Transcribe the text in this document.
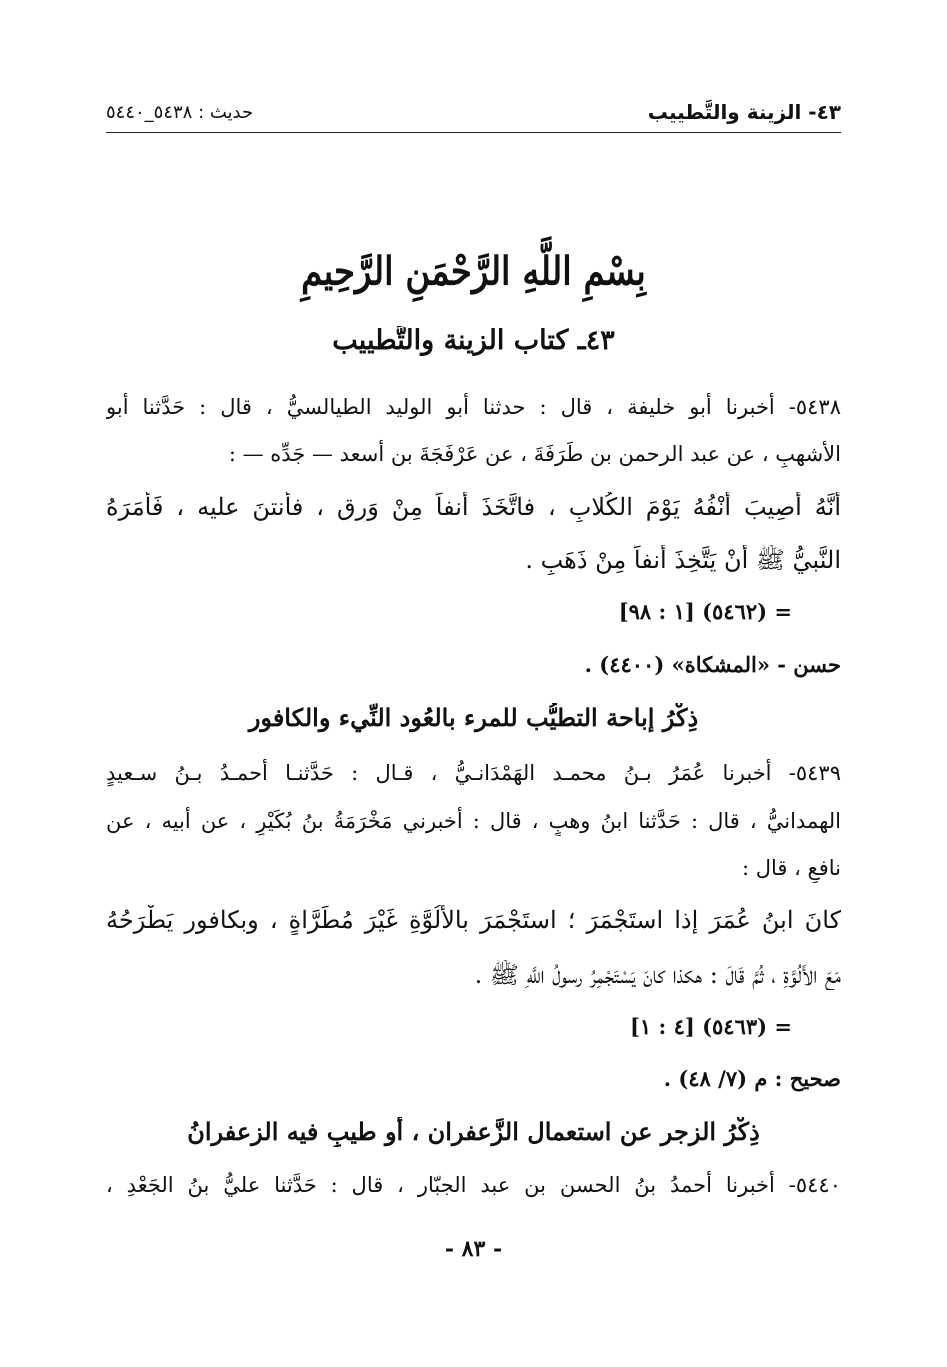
٤٣- الزينة والتَّطييب
حديث : ٥٤٣٨_٥٤٤٠
بِسْمِ اللَّهِ الرَّحْمَنِ الرَّحِيمِ
٤٣ـ كتاب الزينة والتَّطييب
٥٤٣٨- أخبرنا أبو خليفة ، قال : حدثنا أبو الوليد الطيالسيُّ ، قال : حَدَّثنا أبو
الأشهبِ ، عن عبد الرحمن بن طَرَفَةَ ، عن عَرْفَجَةَ بن أسعد — جَدِّه — :
أنَّهُ أُصِيبَ أَنْفُهُ يَوْمَ الكُلابِ ، فاتَّخَذَ أنفاً مِنْ وَرِقٍ ، فأنتنَ عليه ، فَأَمَرَهُ
النَّبيُّ ﷺ أنْ يَتَّخِذَ أنفاً مِنْ ذَهَبٍ .
= (٥٤٦٢) [١ : ٩٨]
حسن - «المشكاة» (٤٤٠٠) .
ذِكْرُ إباحة التطيُّب للمرء بالعُود النِّيء والكافور
٥٤٣٩- أخبرنا عُمَرُ بـنُ محمـد الهَمْدَانـيُّ ، قـال : حَدَّثنـا أحمـدُ بـنُ سـعيدٍ
الهمدانيُّ ، قال : حَدَّثنا ابنُ وهبٍ ، قال : أخبرني مَخْرَمَةُ بنُ بُكَيْرٍ ، عن أبيه ، عن
نافعٍ ، قال :
كانَ ابنُ عُمَرَ إذا استَجْمَرَ ؛ استَجْمَرَ بالأَلُوَّةِ غَيْرَ مُطَرَّاةٍ ، وبكافور يَطْرَحُهُ
مَعَ الأَلُوَّةِ ، ثُمَّ قَالَ : هكذا كانَ يَسْتَجْمِرُ رسولُ اللَّهِ ﷺ .
= (٥٤٦٣) [٤ : ١]
صحيح : م (٧/ ٤٨) .
ذِكْرُ الزجر عن استعمال الزَّعفران ، أو طيبٍ فيه الزعفرانُ
٥٤٤٠- أخبرنا أحمدُ بنُ الحسن بن عبد الجبّار ، قال : حَدَّثنا عليُّ بنُ الجَعْدِ ،
- ٨٣ -
